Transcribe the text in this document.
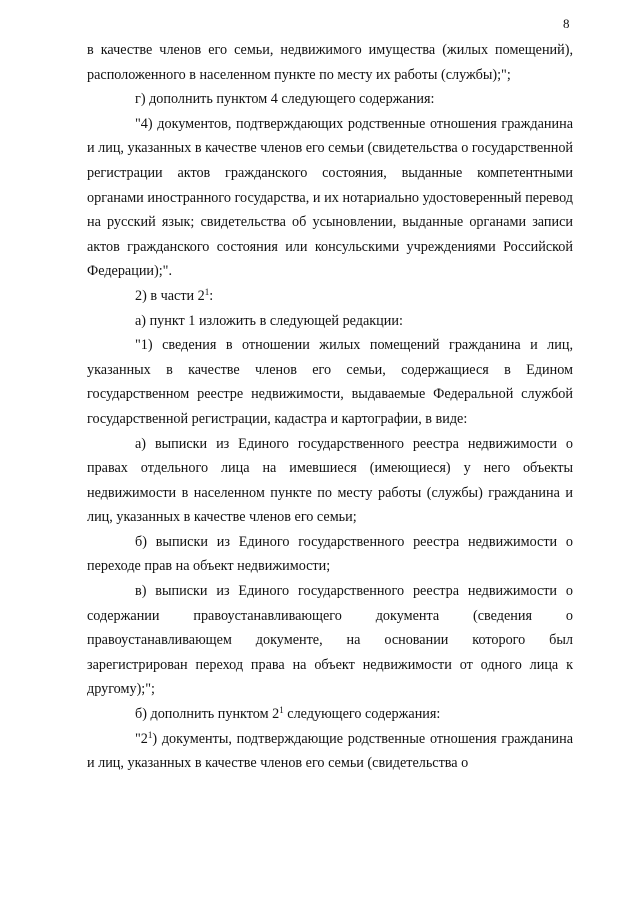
8

в качестве членов его семьи, недвижимого имущества (жилых помещений), расположенного в населенном пункте по месту их работы (службы);";

г) дополнить пунктом 4 следующего содержания:

"4) документов, подтверждающих родственные отношения гражданина и лиц, указанных в качестве членов его семьи (свидетельства о государственной регистрации актов гражданского состояния, выданные компетентными органами иностранного государства, и их нотариально удостоверенный перевод на русский язык; свидетельства об усыновлении, выданные органами записи актов гражданского состояния или консульскими учреждениями Российской Федерации);".

2) в части $2^1$:

а) пункт 1 изложить в следующей редакции:

"1) сведения в отношении жилых помещений гражданина и лиц, указанных в качестве членов его семьи, содержащиеся в Едином государственном реестре недвижимости, выдаваемые Федеральной службой государственной регистрации, кадастра и картографии, в виде:

а) выписки из Единого государственного реестра недвижимости о правах отдельного лица на имевшиеся (имеющиеся) у него объекты недвижимости в населенном пункте по месту работы (службы) гражданина и лиц, указанных в качестве членов его семьи;

б) выписки из Единого государственного реестра недвижимости о переходе прав на объект недвижимости;

в) выписки из Единого государственного реестра недвижимости о содержании правоустанавливающего документа (сведения о правоустанавливающем документе, на основании которого был зарегистрирован переход права на объект недвижимости от одного лица к другому);";

б) дополнить пунктом $2^1$ следующего содержания:

"$2^1$) документы, подтверждающие родственные отношения гражданина и лиц, указанных в качестве членов его семьи (свидетельства о
